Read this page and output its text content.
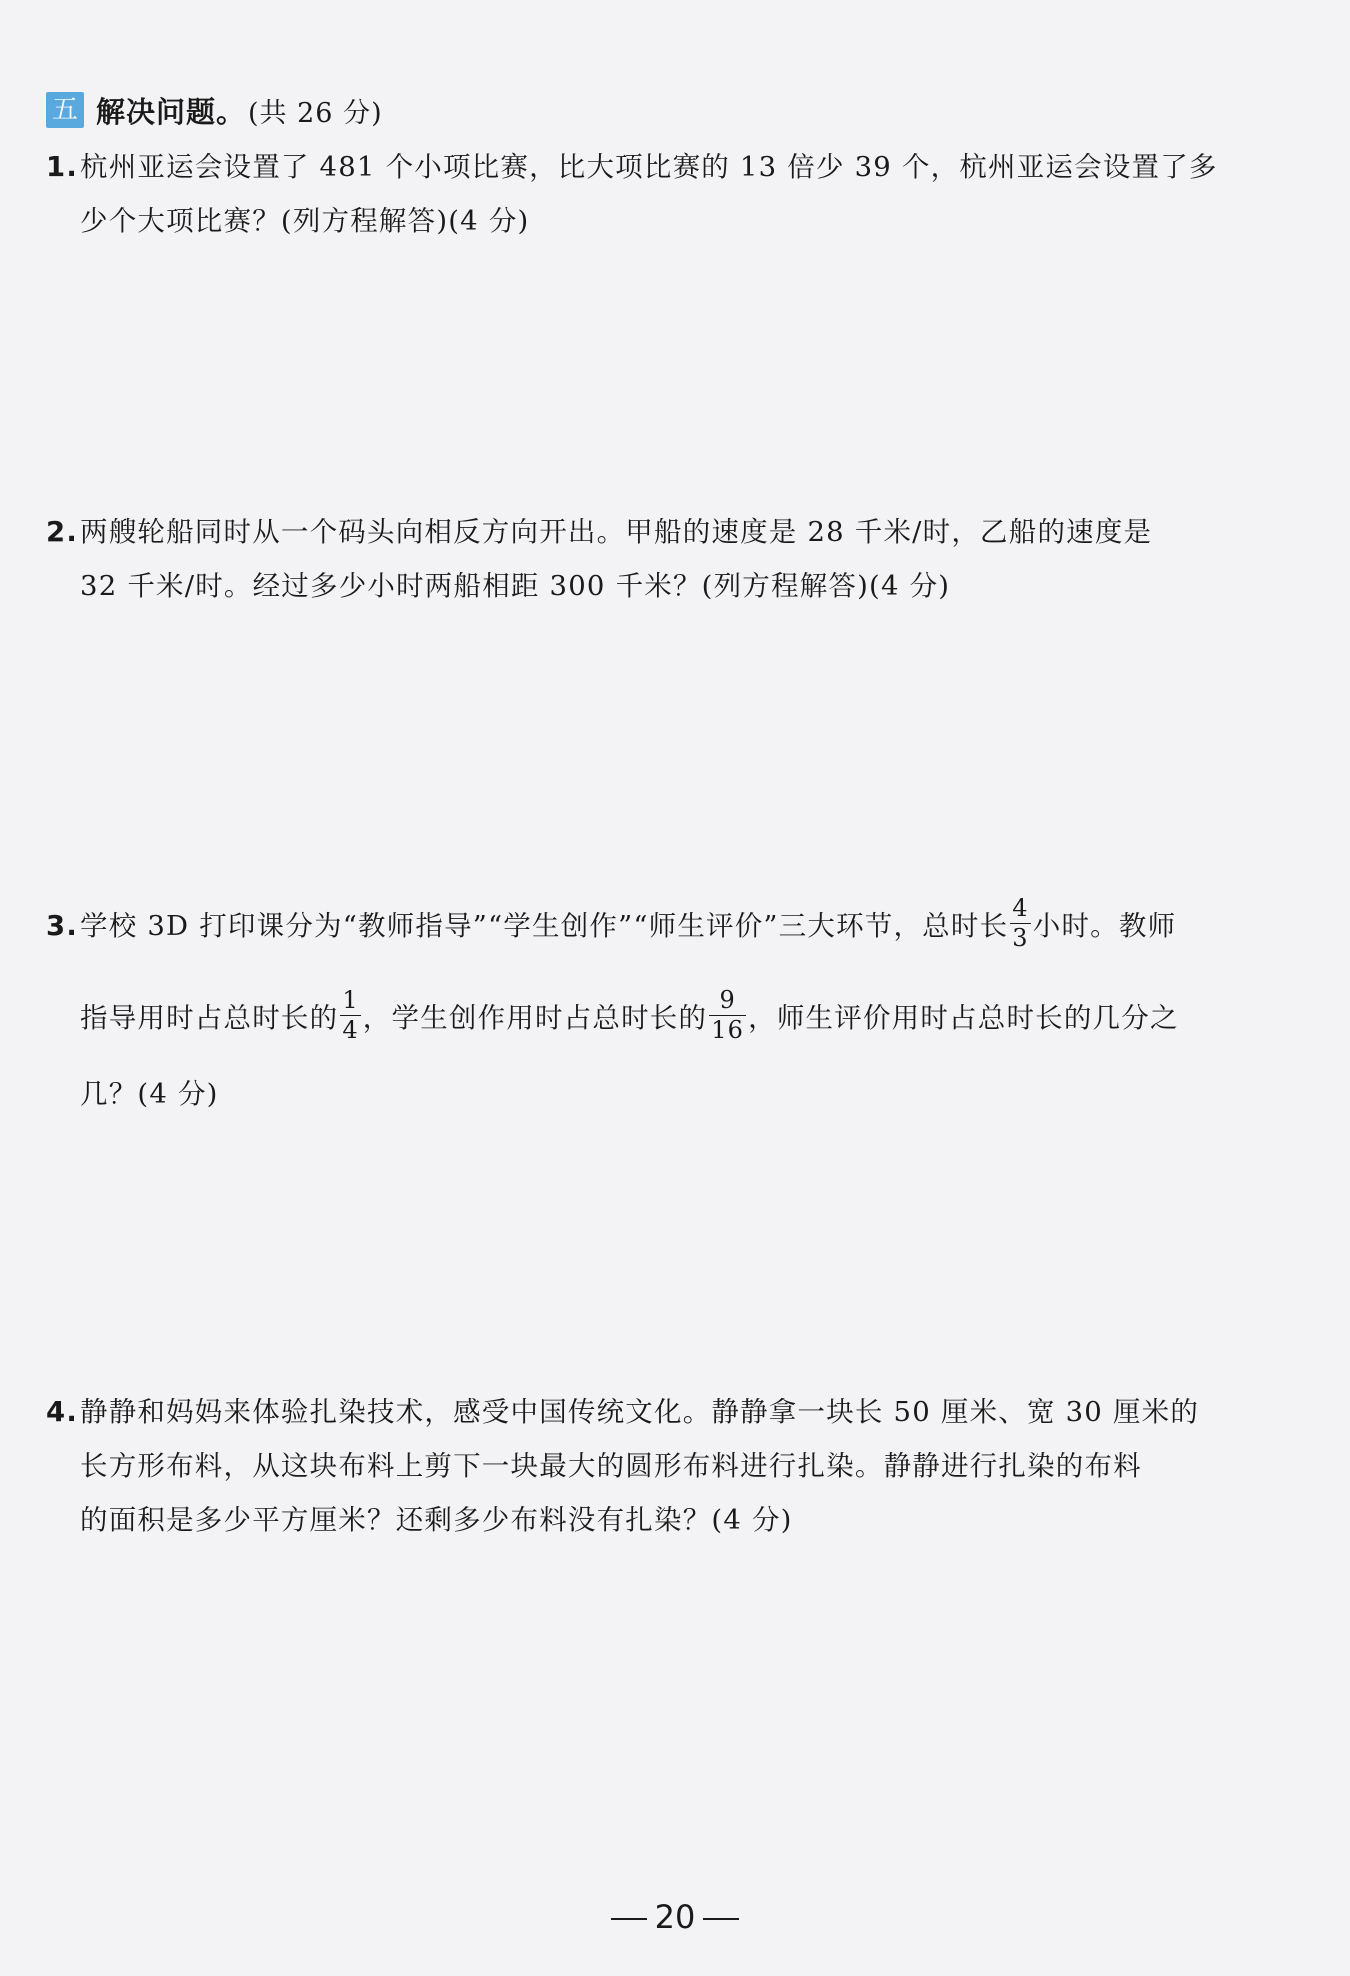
五 解决问题。 (共 26 分)
1.杭州亚运会设置了 481 个小项比赛，比大项比赛的 13 倍少 39 个，杭州亚运会设置了多
少个大项比赛？(列方程解答)(4 分)
2.两艘轮船同时从一个码头向相反方向开出。甲船的速度是 28 千米/时，乙船的速度是
32 千米/时。经过多少小时两船相距 300 千米？(列方程解答)(4 分)
3.学校 3D 打印课分为“教师指导”“学生创作”“师生评价”三大环节，总时长 $\frac{4}{3}$ 小时。教师
指导用时占总时长的 $\frac{1}{4}$ ，学生创作用时占总时长的 $\frac{9}{16}$ ，师生评价用时占总时长的几分之
几？(4 分)
4.静静和妈妈来体验扎染技术，感受中国传统文化。静静拿一块长 50 厘米、宽 30 厘米的
长方形布料，从这块布料上剪下一块最大的圆形布料进行扎染。静静进行扎染的布料
的面积是多少平方厘米？还剩多少布料没有扎染？(4 分)
20
